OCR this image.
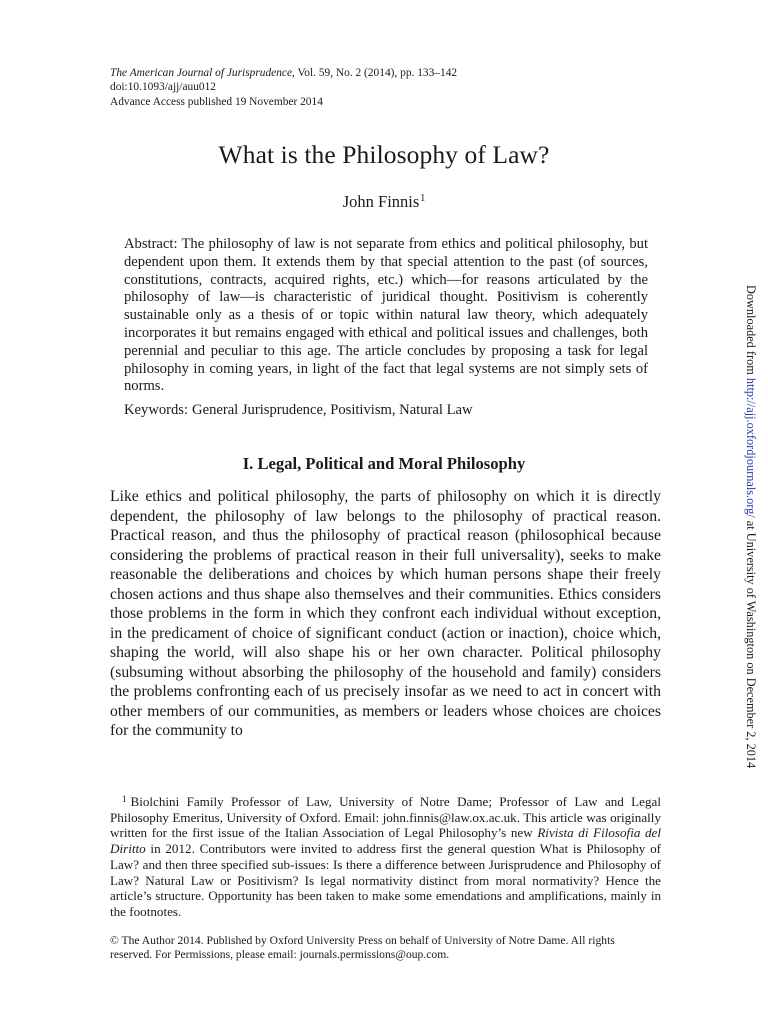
The American Journal of Jurisprudence, Vol. 59, No. 2 (2014), pp. 133–142
doi:10.1093/ajj/auu012
Advance Access published 19 November 2014
What is the Philosophy of Law?
John Finnis$^1$
Abstract: The philosophy of law is not separate from ethics and political philosophy, but dependent upon them. It extends them by that special attention to the past (of sources, constitutions, contracts, acquired rights, etc.) which—for reasons articulated by the philosophy of law—is characteristic of juridical thought. Positivism is coherently sustainable only as a thesis of or topic within natural law theory, which adequately incorporates it but remains engaged with ethical and political issues and challenges, both perennial and peculiar to this age. The article concludes by proposing a task for legal philosophy in coming years, in light of the fact that legal systems are not simply sets of norms.
Keywords: General Jurisprudence, Positivism, Natural Law
I. Legal, Political and Moral Philosophy
Like ethics and political philosophy, the parts of philosophy on which it is directly dependent, the philosophy of law belongs to the philosophy of practical reason. Practical reason, and thus the philosophy of practical reason (philosophical because considering the problems of practical reason in their full universality), seeks to make reasonable the deliberations and choices by which human persons shape their freely chosen actions and thus shape also themselves and their communities. Ethics considers those problems in the form in which they confront each individual without exception, in the predicament of choice of significant conduct (action or inaction), choice which, shaping the world, will also shape his or her own character. Political philosophy (subsuming without absorbing the philosophy of the household and family) considers the problems confronting each of us precisely insofar as we need to act in concert with other members of our communities, as members or leaders whose choices are choices for the community to
$^1$ Biolchini Family Professor of Law, University of Notre Dame; Professor of Law and Legal Philosophy Emeritus, University of Oxford. Email: john.finnis@law.ox.ac.uk. This article was originally written for the first issue of the Italian Association of Legal Philosophy’s new Rivista di Filosofia del Diritto in 2012. Contributors were invited to address first the general question What is Philosophy of Law? and then three specified sub-issues: Is there a difference between Jurisprudence and Philosophy of Law? Natural Law or Positivism? Is legal normativity distinct from moral normativity? Hence the article’s structure. Opportunity has been taken to make some emendations and amplifications, mainly in the footnotes.
© The Author 2014. Published by Oxford University Press on behalf of University of Notre Dame. All rights
reserved. For Permissions, please email: journals.permissions@oup.com.
Downloaded from http://ajj.oxfordjournals.org/ at University of Washington on December 2, 2014
